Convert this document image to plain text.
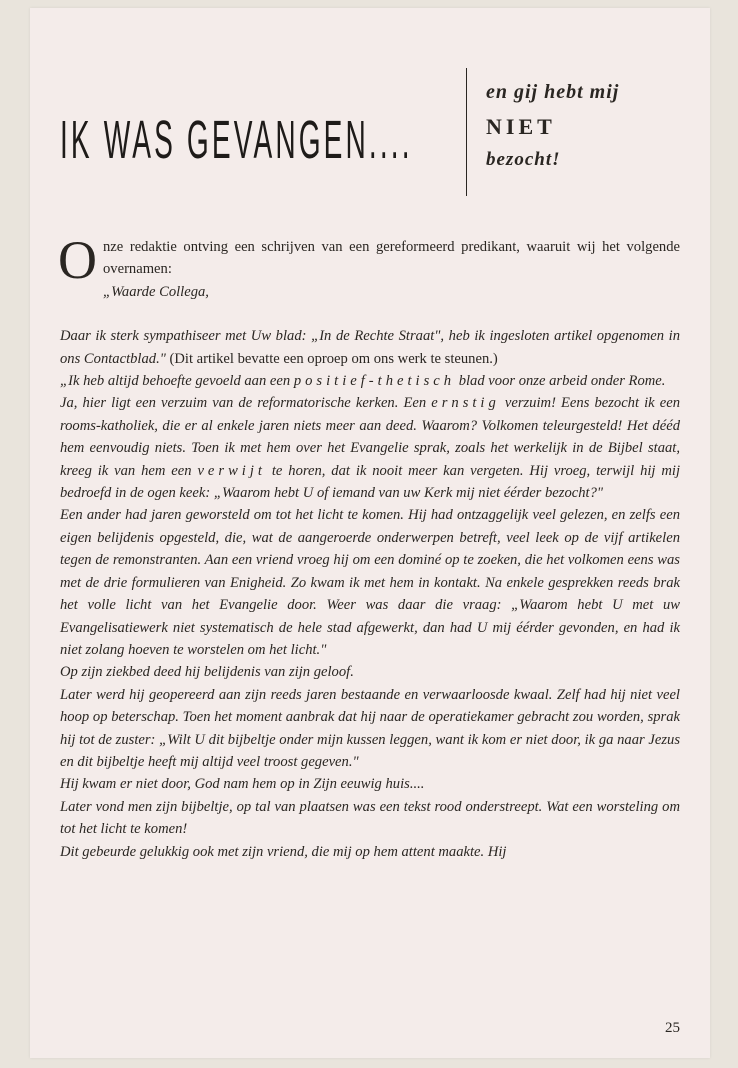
IK WAS GEVANGEN....
en gij hebt mij
NIET
bezocht!

O nze redaktie ontving een schrijven van een gereformeerd predikant, waaruit wij het volgende overnamen:

„Waarde Collega,

Daar ik sterk sympathiseer met Uw blad: „In de Rechte Straat", heb ik ingesloten artikel opgenomen in ons Contactblad." (Dit artikel bevatte een oproep om ons werk te steunen.)

„Ik heb altijd behoefte gevoeld aan een positief-thetisch blad voor onze arbeid onder Rome.

Ja, hier ligt een verzuim van de reformatorische kerken. Een ernstig verzuim! Eens bezocht ik een rooms-katholiek, die er al enkele jaren niets meer aan deed. Waarom? Volkomen teleurgesteld! Het dééd hem eenvoudig niets. Toen ik met hem over het Evangelie sprak, zoals het werkelijk in de Bijbel staat, kreeg ik van hem een verwijt te horen, dat ik nooit meer kan vergeten. Hij vroeg, terwijl hij mij bedroefd in de ogen keek: „Waarom hebt U of iemand van uw Kerk mij niet éérder bezocht?"

Een ander had jaren geworsteld om tot het licht te komen. Hij had ontzaggelijk veel gelezen, en zelfs een eigen belijdenis opgesteld, die, wat de aangeroerde onderwerpen betreft, veel leek op de vijf artikelen tegen de remonstranten. Aan een vriend vroeg hij om een dominé op te zoeken, die het volkomen eens was met de drie formulieren van Enigheid. Zo kwam ik met hem in kontakt. Na enkele gesprekken reeds brak het volle licht van het Evangelie door. Weer was daar die vraag: „Waarom hebt U met uw Evangelisatiewerk niet systematisch de hele stad afgewerkt, dan had U mij éérder gevonden, en had ik niet zolang hoeven te worstelen om het licht."

Op zijn ziekbed deed hij belijdenis van zijn geloof.

Later werd hij geopereerd aan zijn reeds jaren bestaande en verwaarloosde kwaal. Zelf had hij niet veel hoop op beterschap. Toen het moment aanbrak dat hij naar de operatiekamer gebracht zou worden, sprak hij tot de zuster: „Wilt U dit bijbeltje onder mijn kussen leggen, want ik kom er niet door, ik ga naar Jezus en dit bijbeltje heeft mij altijd veel troost gegeven."

Hij kwam er niet door, God nam hem op in Zijn eeuwig huis....

Later vond men zijn bijbeltje, op tal van plaatsen was een tekst rood onderstreept. Wat een worsteling om tot het licht te komen!

Dit gebeurde gelukkig ook met zijn vriend, die mij op hem attent maakte. Hij

25
